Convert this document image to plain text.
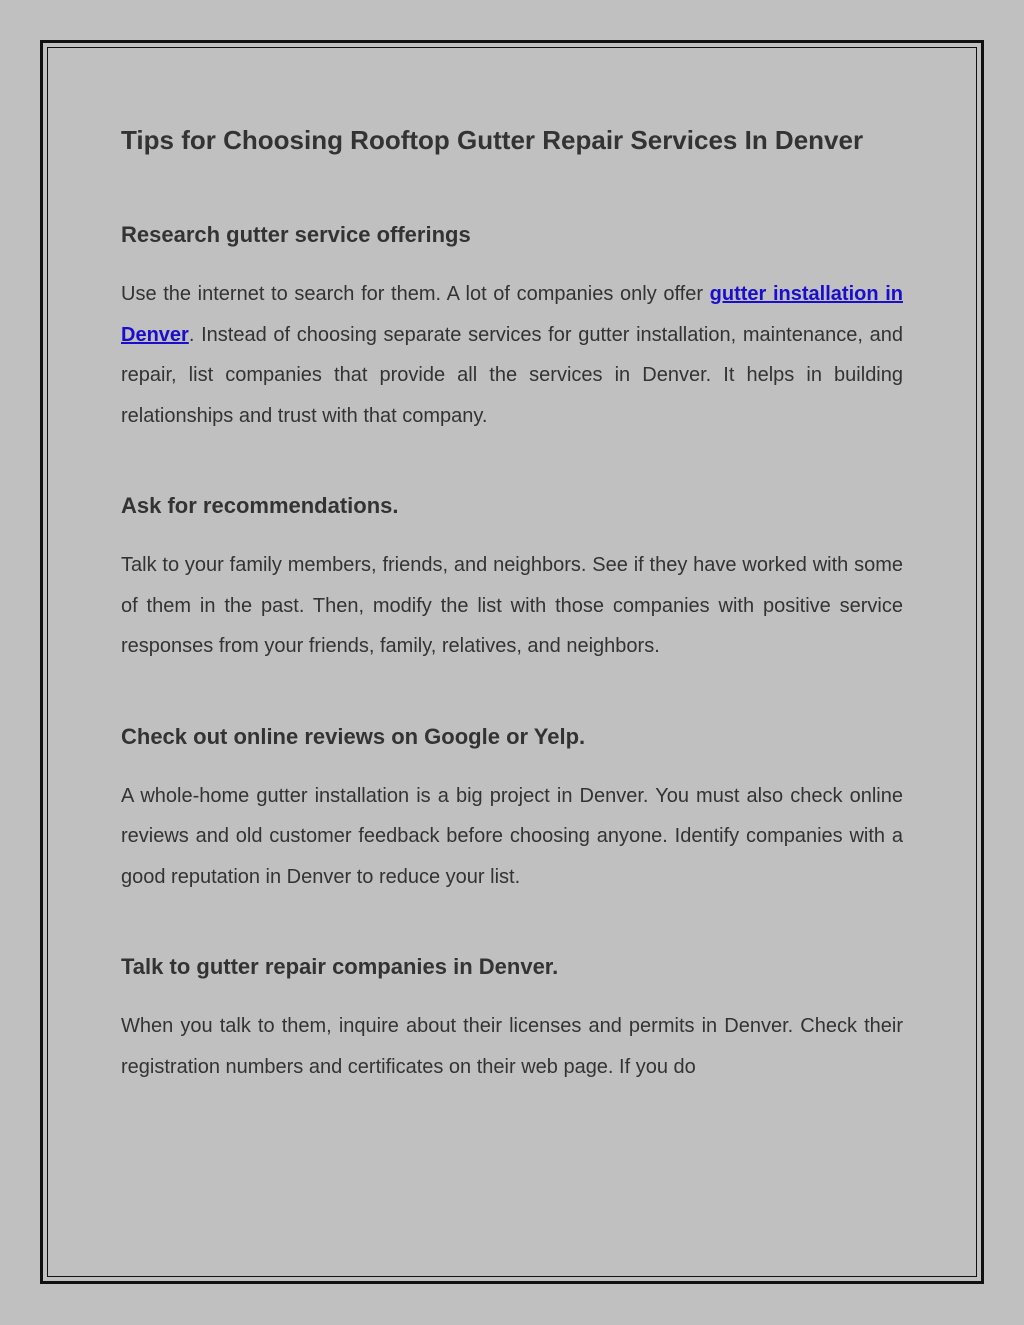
Tips for Choosing Rooftop Gutter Repair Services In Denver
Research gutter service offerings

Use the internet to search for them. A lot of companies only offer gutter installation in Denver. Instead of choosing separate services for gutter installation, maintenance, and repair, list companies that provide all the services in Denver. It helps in building relationships and trust with that company.

Ask for recommendations.

Talk to your family members, friends, and neighbors. See if they have worked with some of them in the past. Then, modify the list with those companies with positive service responses from your friends, family, relatives, and neighbors.

Check out online reviews on Google or Yelp.

A whole-home gutter installation is a big project in Denver. You must also check online reviews and old customer feedback before choosing anyone. Identify companies with a good reputation in Denver to reduce your list.

Talk to gutter repair companies in Denver.

When you talk to them, inquire about their licenses and permits in Denver. Check their registration numbers and certificates on their web page. If you do
